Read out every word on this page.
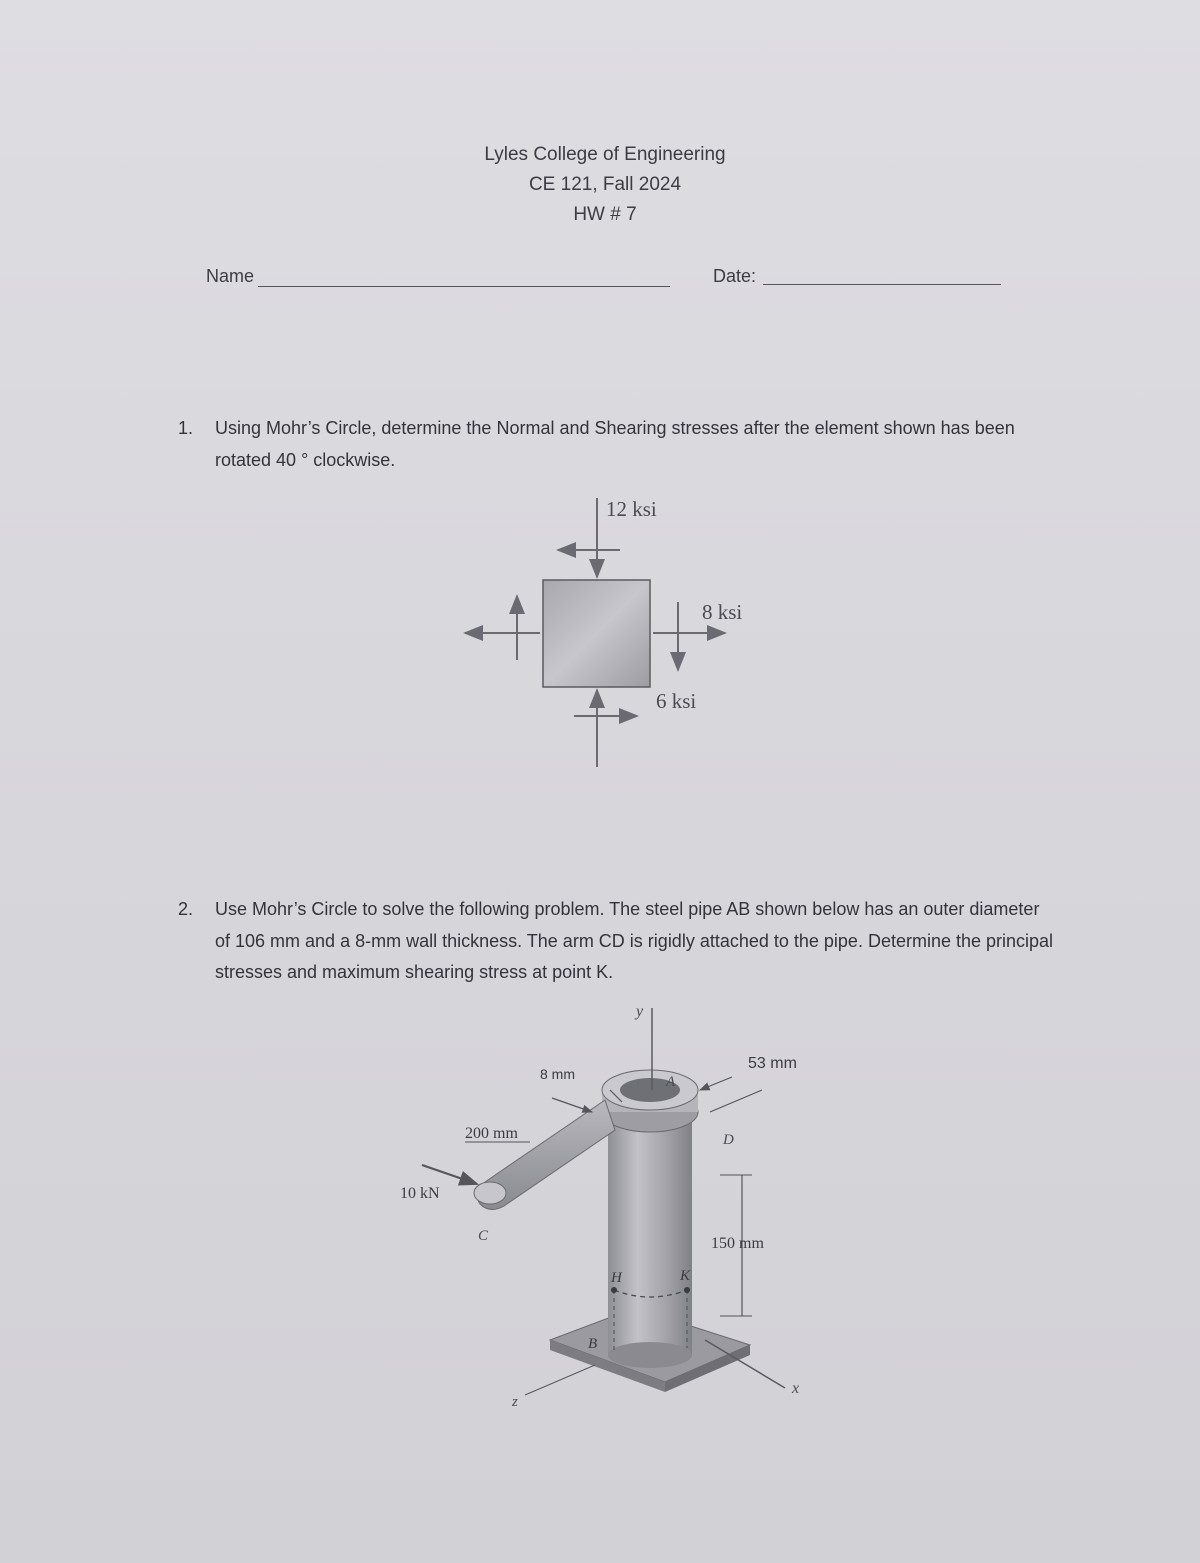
Lyles College of Engineering
CE 121, Fall 2024
HW # 7
Name	Date:
1. Using Mohr’s Circle, determine the Normal and Shearing stresses after the element shown has been rotated 40 ° clockwise.
12 ksi
8 ksi
6 ksi
2. Use Mohr’s Circle to solve the following problem. The steel pipe AB shown below has an outer diameter of 106 mm and a 8-mm wall thickness. The arm CD is rigidly attached to the pipe. Determine the principal stresses and maximum shearing stress at point K.
y
x
z
8 mm	A
53 mm
200 mm	D
10 kN
C	150 mm
H	K
B
